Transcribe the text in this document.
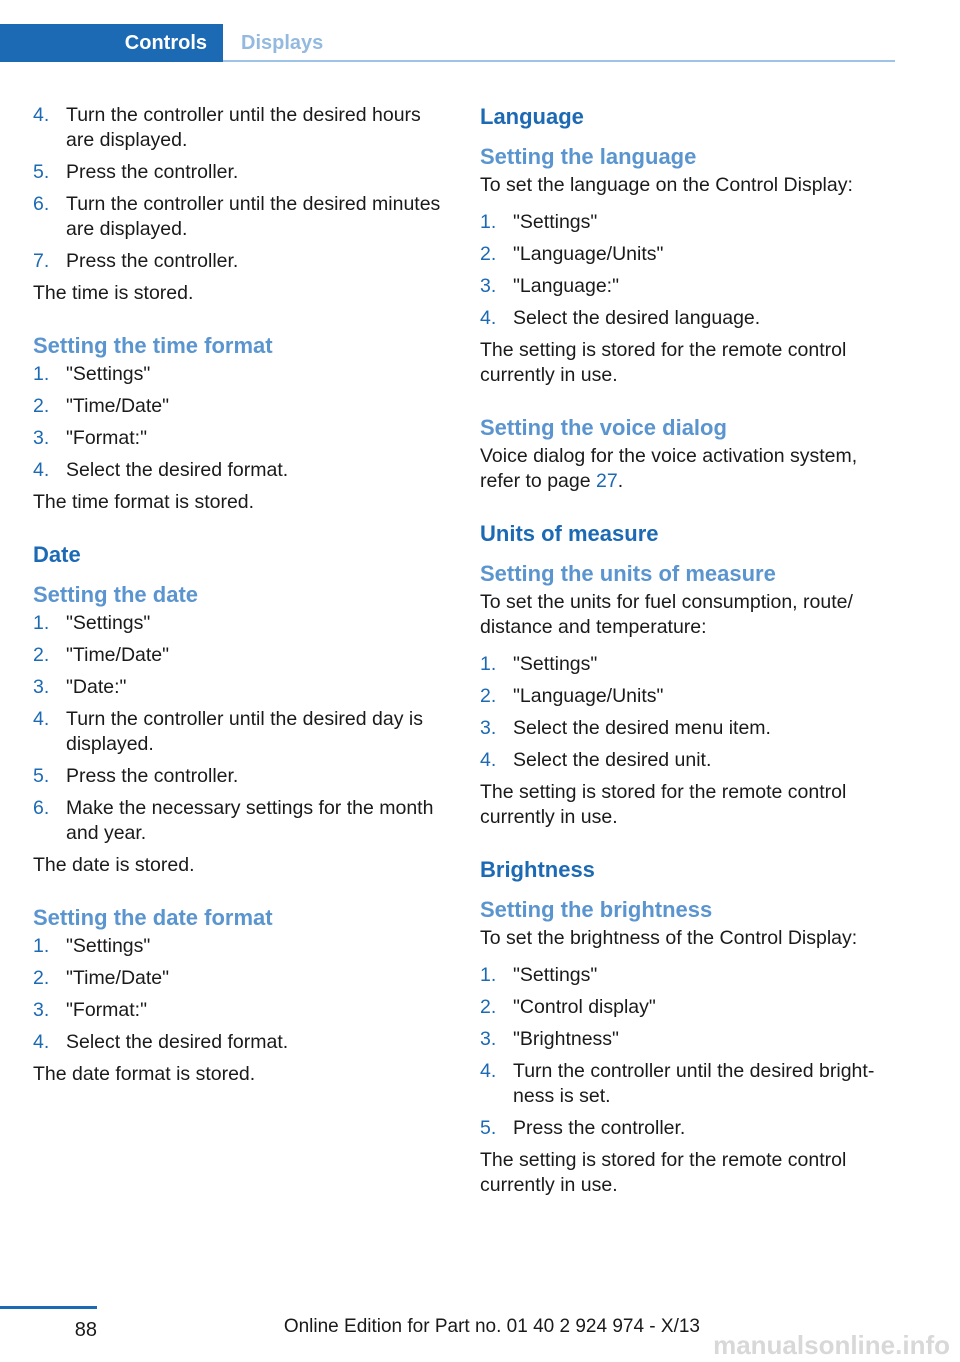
Controls	Displays
4. Turn the controller until the desired hours are displayed.
5. Press the controller.
6. Turn the controller until the desired minutes are displayed.
7. Press the controller.

The time is stored.

Setting the time format
1. "Settings"
2. "Time/Date"
3. "Format:"
4. Select the desired format.

The time format is stored.

Date
Setting the date
1. "Settings"
2. "Time/Date"
3. "Date:"
4. Turn the controller until the desired day is displayed.
5. Press the controller.
6. Make the necessary settings for the month and year.

The date is stored.

Setting the date format
1. "Settings"
2. "Time/Date"
3. "Format:"
4. Select the desired format.

The date format is stored.

Language
Setting the language

To set the language on the Control Display:

1. "Settings"
2. "Language/Units"
3. "Language:"
4. Select the desired language.

The setting is stored for the remote control currently in use.

Setting the voice dialog

Voice dialog for the voice activation system, refer to page 27.

Units of measure
Setting the units of measure

To set the units for fuel consumption, route/ distance and temperature:

1. "Settings"
2. "Language/Units"
3. Select the desired menu item.
4. Select the desired unit.

The setting is stored for the remote control currently in use.

Brightness
Setting the brightness

To set the brightness of the Control Display:

1. "Settings"
2. "Control display"
3. "Brightness"
4. Turn the controller until the desired brightness is set.
5. Press the controller.

The setting is stored for the remote control currently in use.

88	Online Edition for Part no. 01 40 2 924 974 - X/13
manualsonline.info
